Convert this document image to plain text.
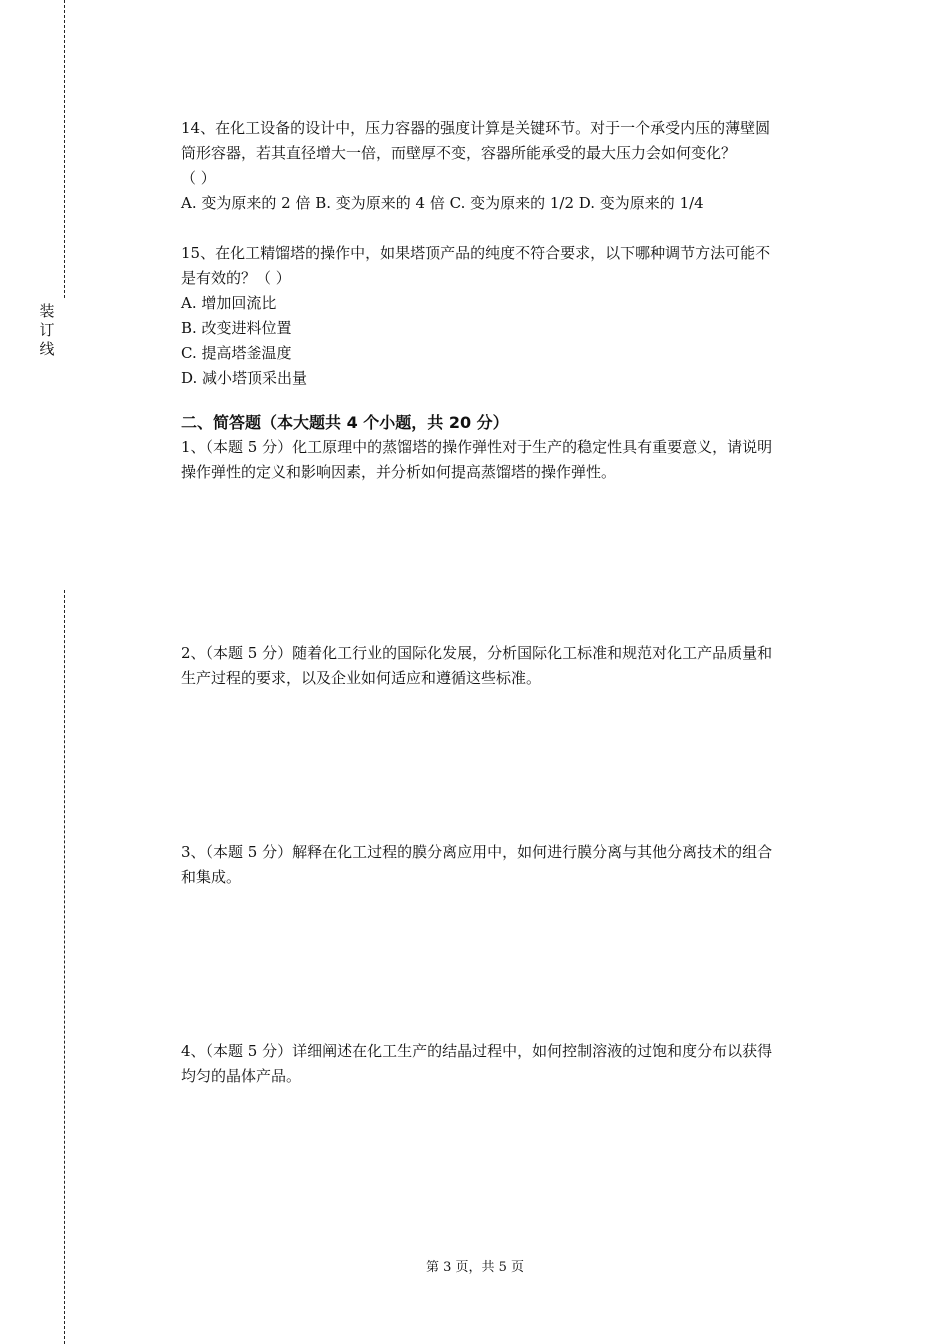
装
订
线
14、在化工设备的设计中，压力容器的强度计算是关键环节。对于一个承受内压的薄壁圆
筒形容器，若其直径增大一倍，而壁厚不变，容器所能承受的最大压力会如何变化？
（ ）
A. 变为原来的 2 倍 B. 变为原来的 4 倍 C. 变为原来的 1/2 D. 变为原来的 1/4
15、在化工精馏塔的操作中，如果塔顶产品的纯度不符合要求，以下哪种调节方法可能不
是有效的？（ ）
A. 增加回流比
B. 改变进料位置
C. 提高塔釜温度
D. 减小塔顶采出量
二、简答题（本大题共 4 个小题，共 20 分）
1、（本题 5 分）化工原理中的蒸馏塔的操作弹性对于生产的稳定性具有重要意义，请说明
操作弹性的定义和影响因素，并分析如何提高蒸馏塔的操作弹性。
2、（本题 5 分）随着化工行业的国际化发展，分析国际化工标准和规范对化工产品质量和
生产过程的要求，以及企业如何适应和遵循这些标准。
3、（本题 5 分）解释在化工过程的膜分离应用中，如何进行膜分离与其他分离技术的组合
和集成。
4、（本题 5 分）详细阐述在化工生产的结晶过程中，如何控制溶液的过饱和度分布以获得
均匀的晶体产品。
第 3 页，共 5 页
